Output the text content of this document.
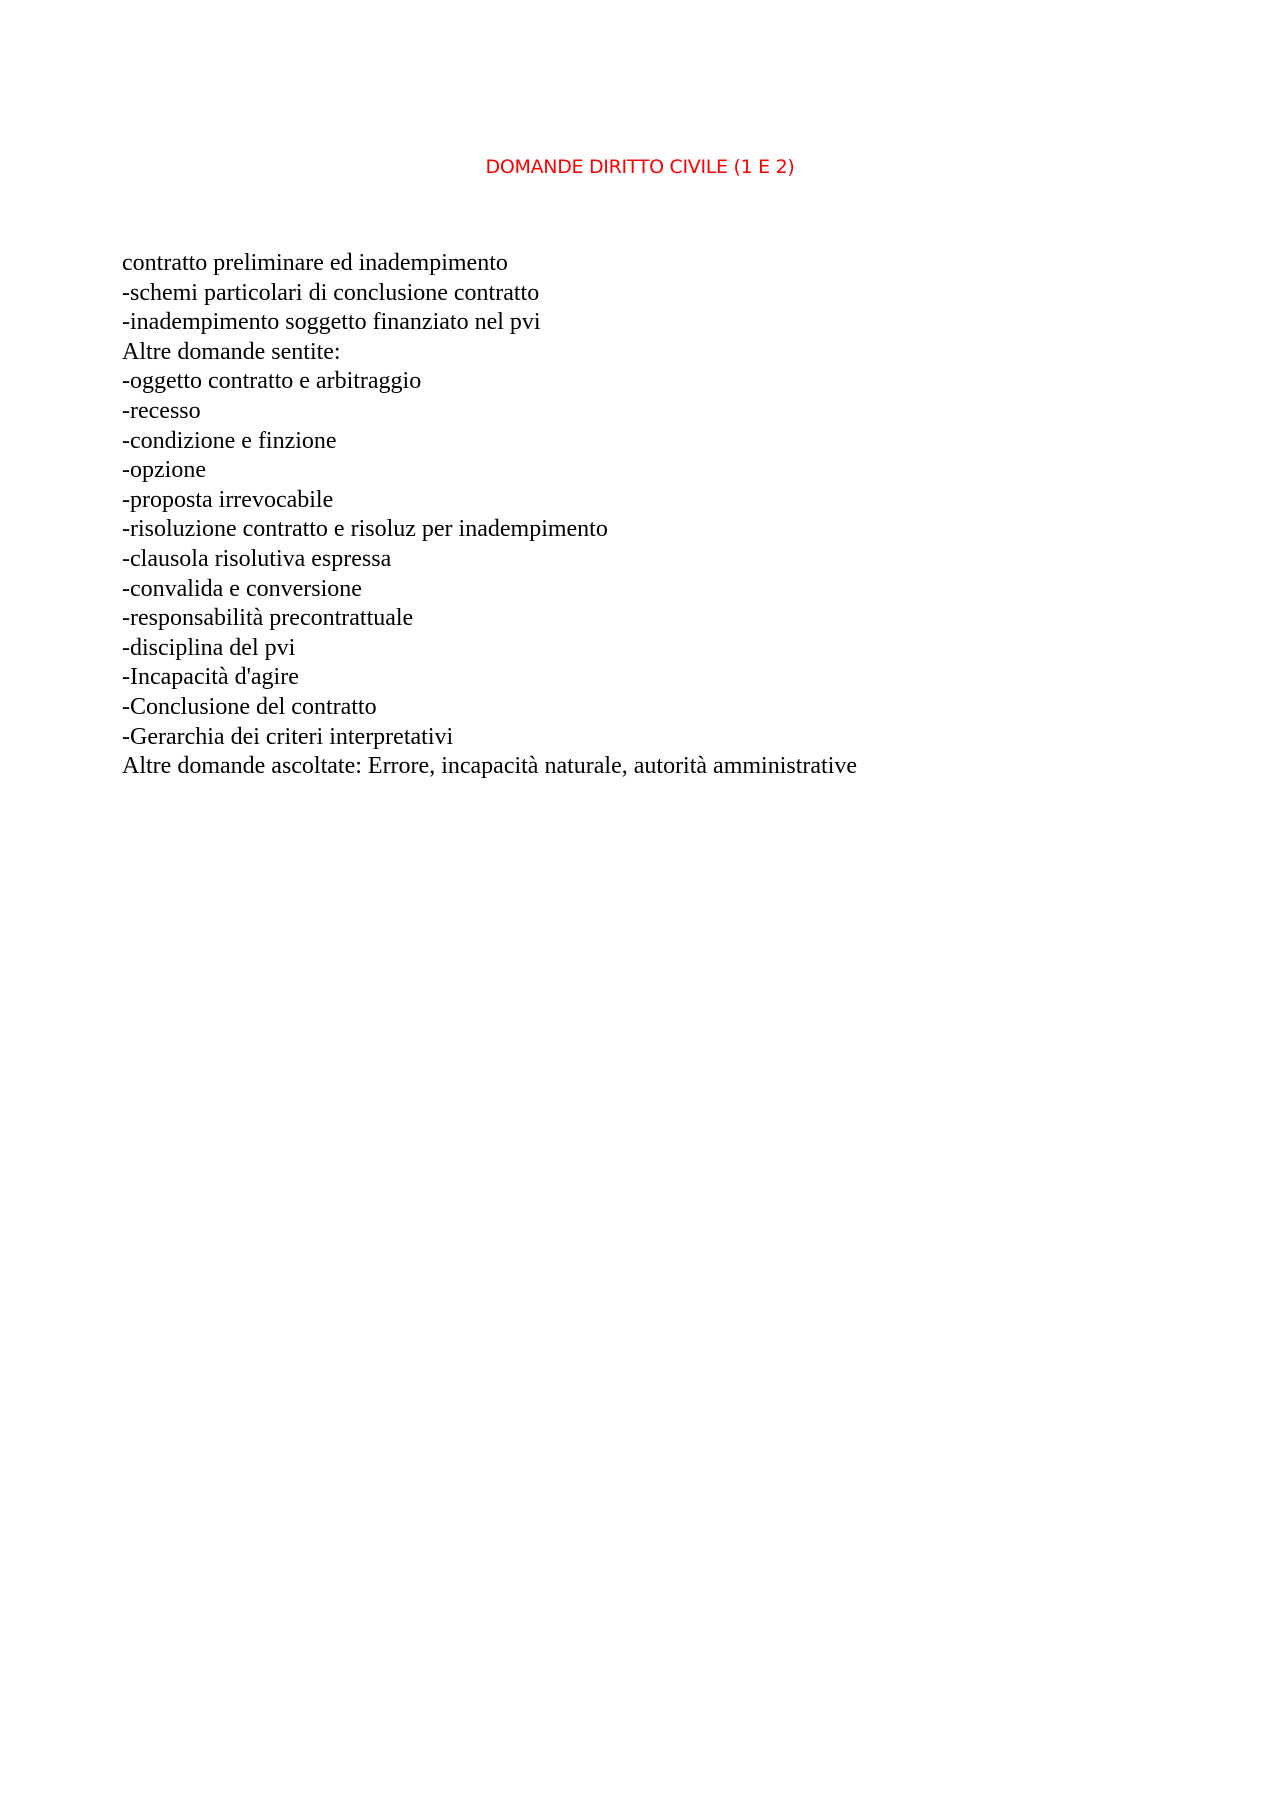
DOMANDE DIRITTO CIVILE (1 E 2)
contratto preliminare ed inadempimento
-schemi particolari di conclusione contratto
-inadempimento soggetto finanziato nel pvi
Altre domande sentite:
-oggetto contratto e arbitraggio
-recesso
-condizione e finzione
-opzione
-proposta irrevocabile
-risoluzione contratto e risoluz per inadempimento
-clausola risolutiva espressa
-convalida e conversione
-responsabilità precontrattuale
-disciplina del pvi
-Incapacità d'agire
-Conclusione del contratto
-Gerarchia dei criteri interpretativi
Altre domande ascoltate: Errore, incapacità naturale, autorità amministrative
